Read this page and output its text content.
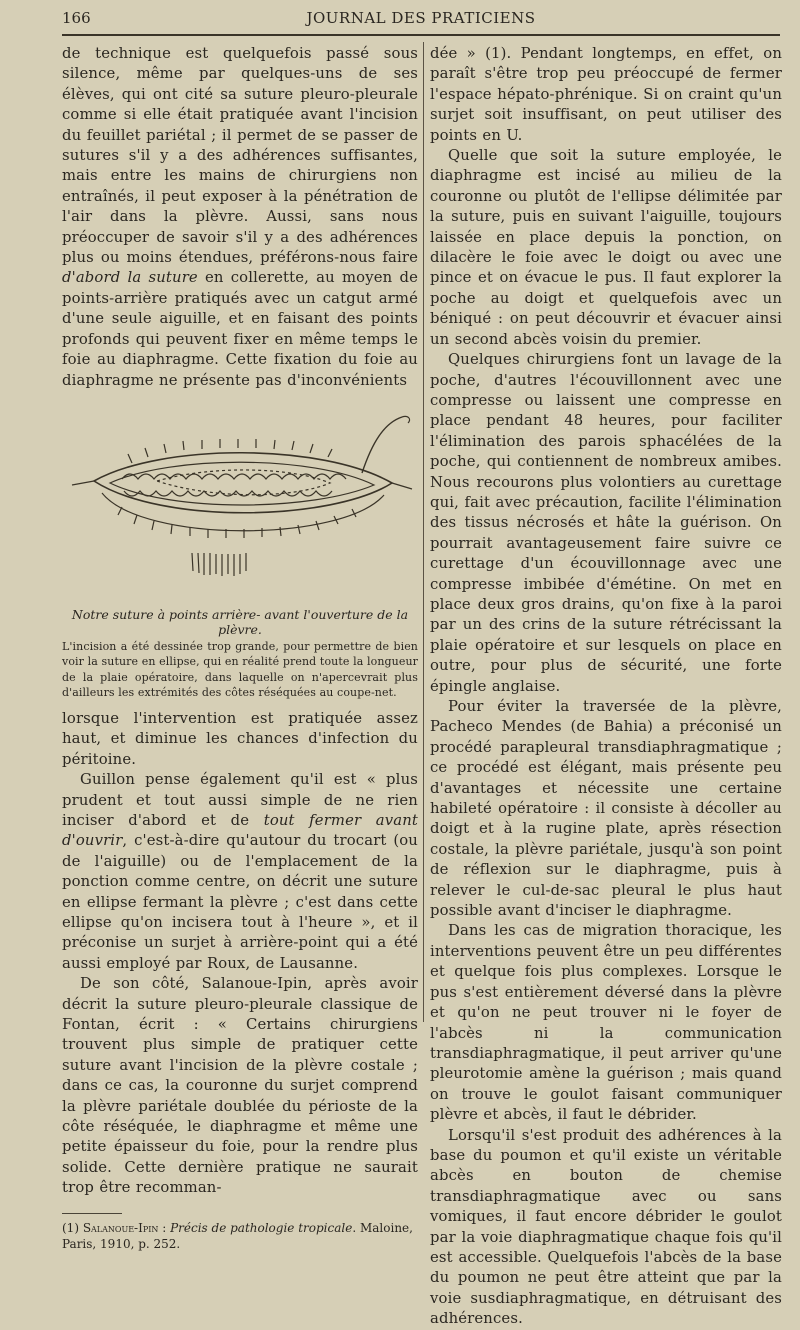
166	JOURNAL DES PRATICIENS

de technique est quelquefois passé sous silence, même par quelques-uns de ses élèves, qui ont cité sa suture pleuro-pleurale comme si elle était pratiquée avant l'incision du feuillet pariétal ; il permet de se passer de sutures s'il y a des adhérences suffisantes, mais entre les mains de chirurgiens non entraînés, il peut exposer à la pénétration de l'air dans la plèvre. Aussi, sans nous préoccuper de savoir s'il y a des adhérences plus ou moins étendues, préférons-nous faire d'abord la suture en collerette, au moyen de points-arrière pratiqués avec un catgut armé d'une seule aiguille, et en faisant des points profonds qui peuvent fixer en même temps le foie au diaphragme. Cette fixation du foie au diaphragme ne présente pas d'inconvénients

Notre suture à points arrière- avant l'ouverture de la plèvre.

L'incision a été dessinée trop grande, pour permettre de bien voir la suture en ellipse, qui en réalité prend toute la longueur de la plaie opératoire, dans laquelle on n'apercevrait plus d'ailleurs les extrémités des côtes réséquées au coupe-net.

lorsque l'intervention est pratiquée assez haut, et diminue les chances d'infection du péritoine.

Guillon pense également qu'il est « plus prudent et tout aussi simple de ne rien inciser d'abord et de tout fermer avant d'ouvrir, c'est-à-dire qu'autour du trocart (ou de l'aiguille) ou de l'emplacement de la ponction comme centre, on décrit une suture en ellipse fermant la plèvre ; c'est dans cette ellipse qu'on incisera tout à l'heure », et il préconise un surjet à arrière-point qui a été aussi employé par Roux, de Lausanne.

De son côté, Salanoue-Ipin, après avoir décrit la suture pleuro-pleurale classique de Fontan, écrit : « Certains chirurgiens trouvent plus simple de pratiquer cette suture avant l'incision de la plèvre costale ; dans ce cas, la couronne du surjet comprend la plèvre pariétale doublée du périoste de la côte réséquée, le diaphragme et même une petite épaisseur du foie, pour la rendre plus solide. Cette dernière pratique ne saurait trop être recomman-

(1) Salanoue-Ipin : Précis de pathologie tropicale. Maloine, Paris, 1910, p. 252.

dée » (1). Pendant longtemps, en effet, on paraît s'être trop peu préoccupé de fermer l'espace hépato-phrénique. Si on craint qu'un surjet soit insuffisant, on peut utiliser des points en U.

Quelle que soit la suture employée, le diaphragme est incisé au milieu de la couronne ou plutôt de l'ellipse délimitée par la suture, puis en suivant l'aiguille, toujours laissée en place depuis la ponction, on dilacère le foie avec le doigt ou avec une pince et on évacue le pus. Il faut explorer la poche au doigt et quelquefois avec un béniqué : on peut découvrir et évacuer ainsi un second abcès voisin du premier.

Quelques chirurgiens font un lavage de la poche, d'autres l'écouvillonnent avec une compresse ou laissent une compresse en place pendant 48 heures, pour faciliter l'élimination des parois sphacélées de la poche, qui contiennent de nombreux amibes. Nous recourons plus volontiers au curettage qui, fait avec précaution, facilite l'élimination des tissus nécrosés et hâte la guérison. On pourrait avantageusement faire suivre ce curettage d'un écouvillonnage avec une compresse imbibée d'émétine. On met en place deux gros drains, qu'on fixe à la paroi par un des crins de la suture rétrécissant la plaie opératoire et sur lesquels on place en outre, pour plus de sécurité, une forte épingle anglaise.

Pour éviter la traversée de la plèvre, Pacheco Mendes (de Bahia) a préconisé un procédé parapleural transdiaphragmatique ; ce procédé est élégant, mais présente peu d'avantages et nécessite une certaine habileté opératoire : il consiste à décoller au doigt et à la rugine plate, après résection costale, la plèvre pariétale, jusqu'à son point de réflexion sur le diaphragme, puis à relever le cul-de-sac pleural le plus haut possible avant d'inciser le diaphragme.

Dans les cas de migration thoracique, les interventions peuvent être un peu différentes et quelque fois plus complexes. Lorsque le pus s'est entièrement déversé dans la plèvre et qu'on ne peut trouver ni le foyer de l'abcès ni la communication transdiaphragmatique, il peut arriver qu'une pleurotomie amène la guérison ; mais quand on trouve le goulot faisant communiquer plèvre et abcès, il faut le débrider.

Lorsqu'il s'est produit des adhérences à la base du poumon et qu'il existe un véritable abcès en bouton de chemise transdiaphragmatique avec ou sans vomiques, il faut encore débrider le goulot par la voie diaphragmatique chaque fois qu'il est accessible. Quelquefois l'abcès de la base du poumon ne peut être atteint que par la voie susdiaphragmatique, en détruisant des adhérences.
